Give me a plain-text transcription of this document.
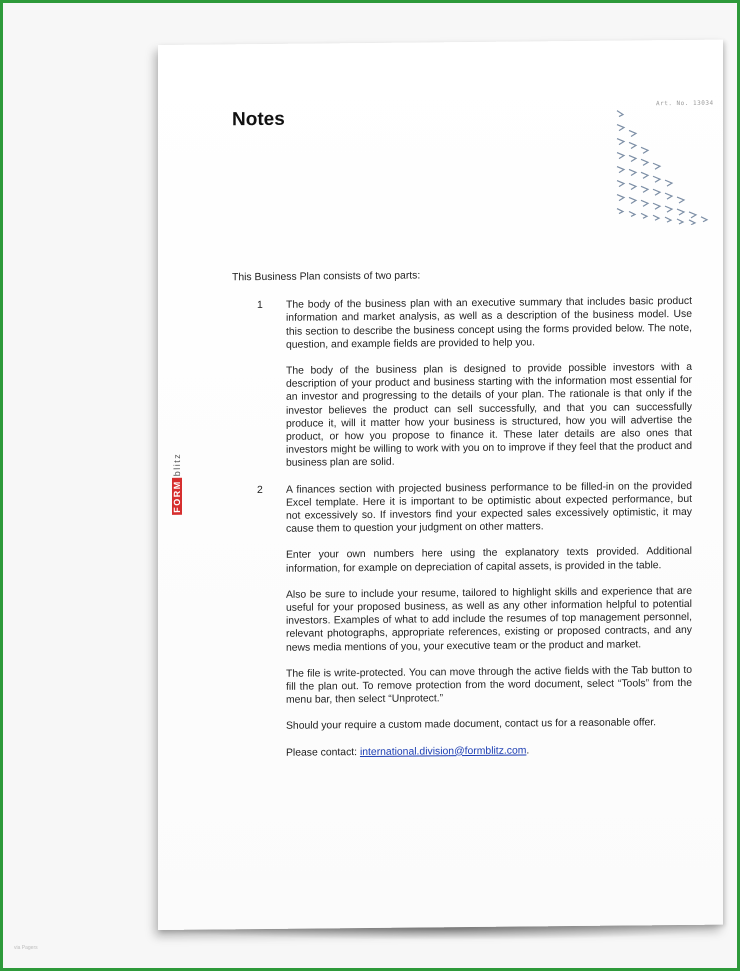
Notes
Art. No. 13034
FORMblitz

This Business Plan consists of two parts:

1 The body of the business plan with an executive summary that includes basic product information and market analysis, as well as a description of the business model. Use this section to describe the business concept using the forms provided below. The note, question, and example fields are provided to help you.

The body of the business plan is designed to provide possible investors with a description of your product and business starting with the information most essential for an investor and progressing to the details of your plan. The rationale is that only if the investor believes the product can sell successfully, and that you can successfully produce it, will it matter how your business is structured, how you will advertise the product, or how you propose to finance it. These later details are also ones that investors might be willing to work with you on to improve if they feel that the product and business plan are solid.

2 A finances section with projected business performance to be filled-in on the provided Excel template. Here it is important to be optimistic about expected performance, but not excessively so. If investors find your expected sales excessively optimistic, it may cause them to question your judgment on other matters.

Enter your own numbers here using the explanatory texts provided. Additional information, for example on depreciation of capital assets, is provided in the table.

Also be sure to include your resume, tailored to highlight skills and experience that are useful for your proposed business, as well as any other information helpful to potential investors. Examples of what to add include the resumes of top management personnel, relevant photographs, appropriate references, existing or proposed contracts, and any news media mentions of you, your executive team or the product and market.

The file is write-protected. You can move through the active fields with the Tab button to fill the plan out. To remove protection from the word document, select “Tools” from the menu bar, then select “Unprotect.”

Should your require a custom made document, contact us for a reasonable offer.

Please contact: international.division@formblitz.com.

via Pagers
